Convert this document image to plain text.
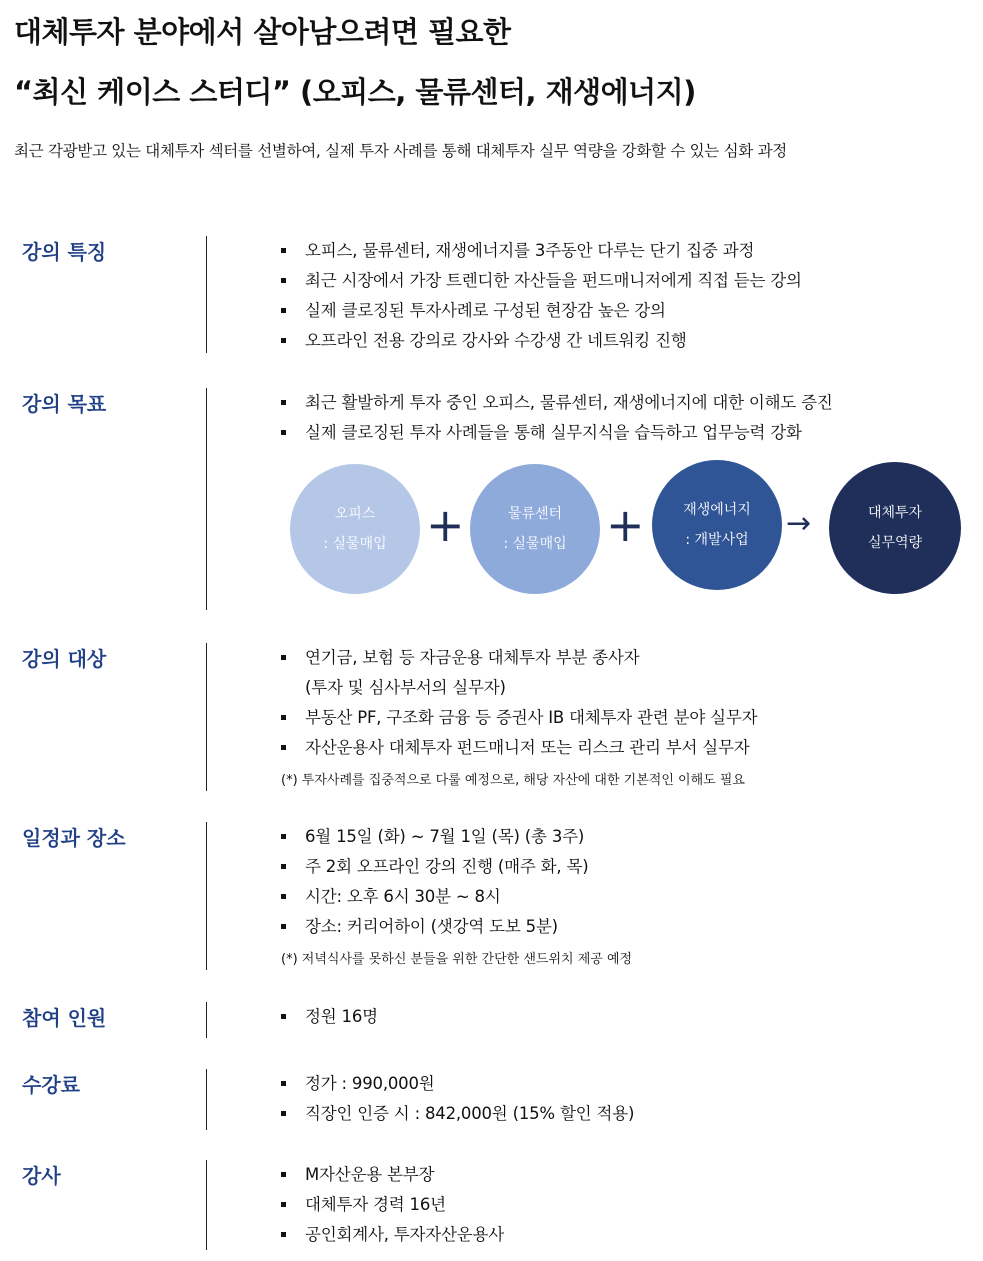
대체투자 분야에서 살아남으려면 필요한
“최신 케이스 스터디” (오피스, 물류센터, 재생에너지)

최근 각광받고 있는 대체투자 섹터를 선별하여, 실제 투자 사례를 통해 대체투자 실무 역량을 강화할 수 있는 심화 과정

강의 특징	오피스, 물류센터, 재생에너지를 3주동안 다루는 단기 집중 과정
최근 시장에서 가장 트렌디한 자산들을 펀드매니저에게 직접 듣는 강의
실제 클로징된 투자사례로 구성된 현장감 높은 강의
오프라인 전용 강의로 강사와 수강생 간 네트워킹 진행
강의 목표	최근 활발하게 투자 중인 오피스, 물류센터, 재생에너지에 대한 이해도 증진
실제 클로징된 투자 사례들을 통해 실무지식을 습득하고 업무능력 강화
오피스
: 실물매입 +	물류센터
: 실물매입 +	재생에너지
: 개발사업 →	대체투자
실무역량
강의 대상	연기금, 보험 등 자금운용 대체투자 부분 종사자
(투자 및 심사부서의 실무자)
부동산 PF, 구조화 금융 등 증권사 IB 대체투자 관련 분야 실무자
자산운용사 대체투자 펀드매니저 또는 리스크 관리 부서 실무자

(*) 투자사례를 집중적으로 다룰 예정으로, 해당 자산에 대한 기본적인 이해도 필요

일정과 장소	6월 15일 (화) ~ 7월 1일 (목) (총 3주)
주 2회 오프라인 강의 진행 (매주 화, 목)
시간: 오후 6시 30분 ~ 8시
장소: 커리어하이 (샛강역 도보 5분)

(*) 저녁식사를 못하신 분들을 위한 간단한 샌드위치 제공 예정

참여 인원	정원 16명
수강료	정가 : 990,000원
직장인 인증 시 : 842,000원 (15% 할인 적용)
강사	M자산운용 본부장
대체투자 경력 16년
공인회계사, 투자자산운용사
